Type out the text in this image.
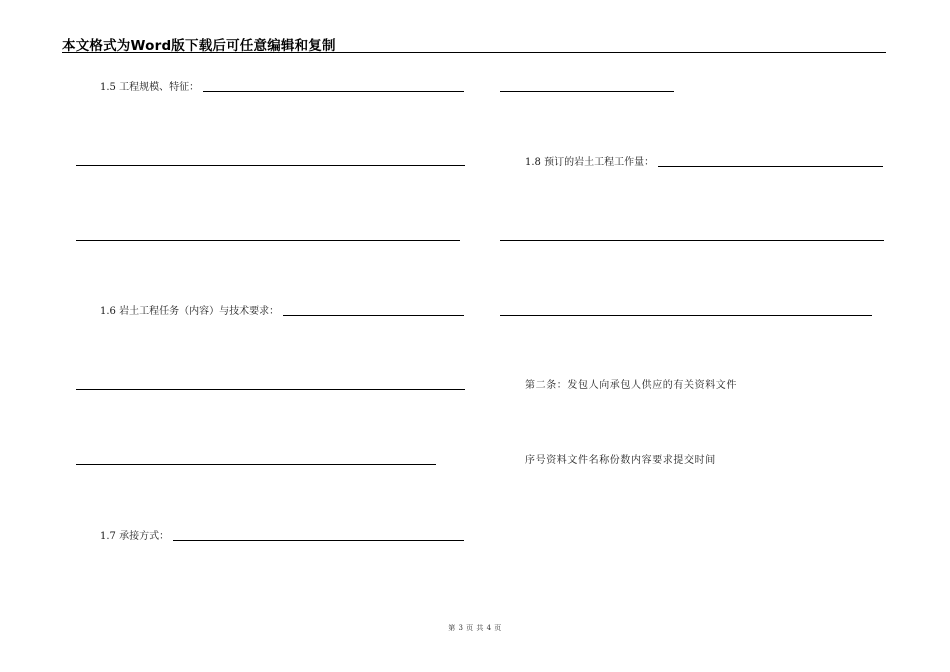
本文格式为Word版下载后可任意编辑和复制
1.5 工程规模、特征：
1.6 岩土工程任务（内容）与技术要求：
1.7 承接方式：
1.8 预订的岩土工程工作量：
第二条：发包人向承包人供应的有关资料文件
序号资料文件名称份数内容要求提交时间
第 3 页 共 4 页
